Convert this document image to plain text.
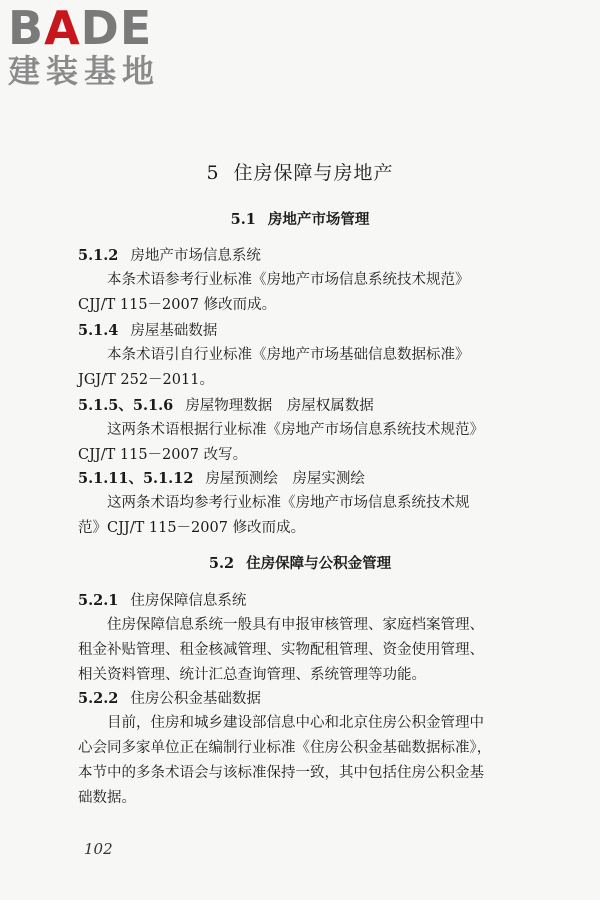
BADE
建装基地
5 住房保障与房地产
5.1 房地产市场管理
5.1.2 房地产市场信息系统
本条术语参考行业标准《房地产市场信息系统技术规范》
CJJ/T 115－2007 修改而成。
5.1.4 房屋基础数据
本条术语引自行业标准《房地产市场基础信息数据标准》
JGJ/T 252－2011。
5.1.5、5.1.6 房屋物理数据　房屋权属数据
这两条术语根据行业标准《房地产市场信息系统技术规范》
CJJ/T 115－2007 改写。
5.1.11、5.1.12 房屋预测绘　房屋实测绘
这两条术语均参考行业标准《房地产市场信息系统技术规
范》CJJ/T 115－2007 修改而成。
5.2 住房保障与公积金管理
5.2.1 住房保障信息系统
住房保障信息系统一般具有申报审核管理、家庭档案管理、
租金补贴管理、租金核减管理、实物配租管理、资金使用管理、
相关资料管理、统计汇总查询管理、系统管理等功能。
5.2.2 住房公积金基础数据
目前，住房和城乡建设部信息中心和北京住房公积金管理中
心会同多家单位正在编制行业标准《住房公积金基础数据标准》，
本节中的多条术语会与该标准保持一致，其中包括住房公积金基
础数据。
102
